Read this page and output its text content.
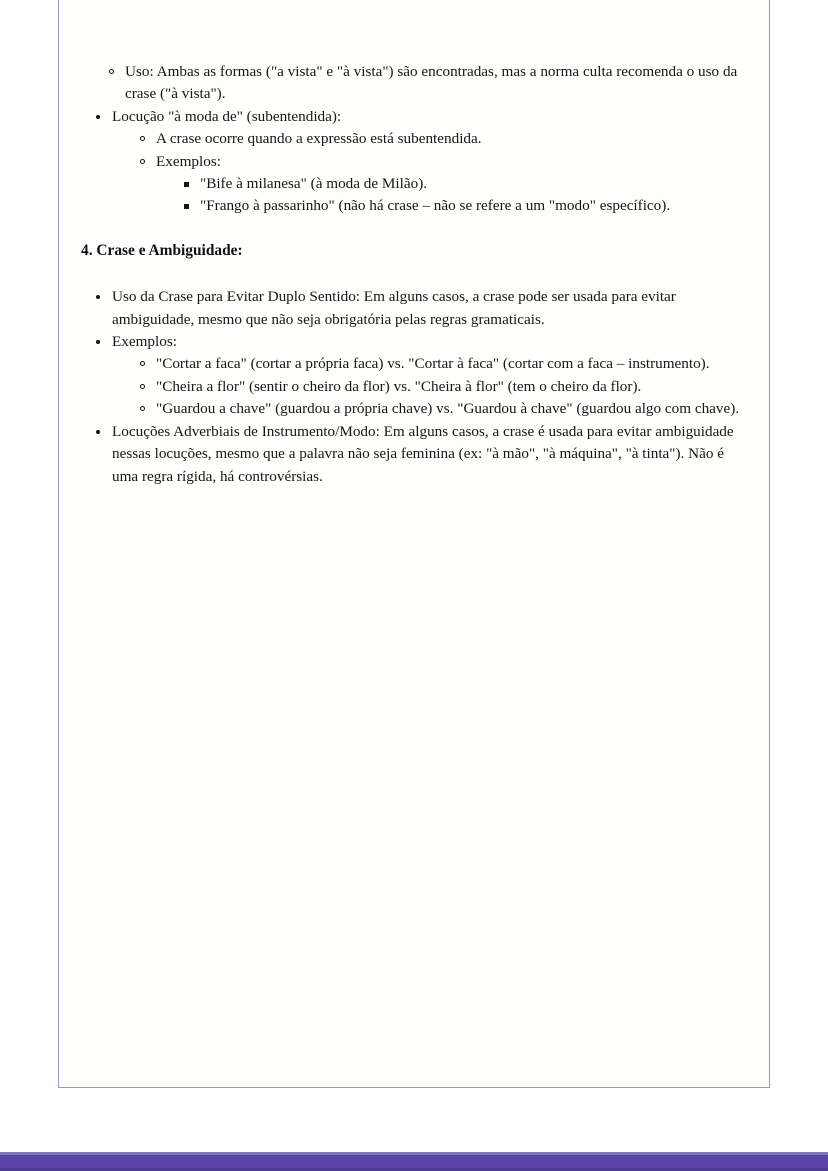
Uso: Ambas as formas ("a vista" e "à vista") são encontradas, mas a norma culta recomenda o uso da crase ("à vista").
Locução "à moda de" (subentendida):
A crase ocorre quando a expressão está subentendida.
Exemplos:
"Bife à milanesa" (à moda de Milão).
"Frango à passarinho" (não há crase – não se refere a um "modo" específico).
4. Crase e Ambiguidade:
Uso da Crase para Evitar Duplo Sentido: Em alguns casos, a crase pode ser usada para evitar ambiguidade, mesmo que não seja obrigatória pelas regras gramaticais.
Exemplos:
"Cortar a faca" (cortar a própria faca) vs. "Cortar à faca" (cortar com a faca – instrumento).
"Cheira a flor" (sentir o cheiro da flor) vs. "Cheira à flor" (tem o cheiro da flor).
"Guardou a chave" (guardou a própria chave) vs. "Guardou à chave" (guardou algo com chave).
Locuções Adverbiais de Instrumento/Modo: Em alguns casos, a crase é usada para evitar ambiguidade nessas locuções, mesmo que a palavra não seja feminina (ex: "à mão", "à máquina", "à tinta"). Não é uma regra rígida, há controvérsias.
